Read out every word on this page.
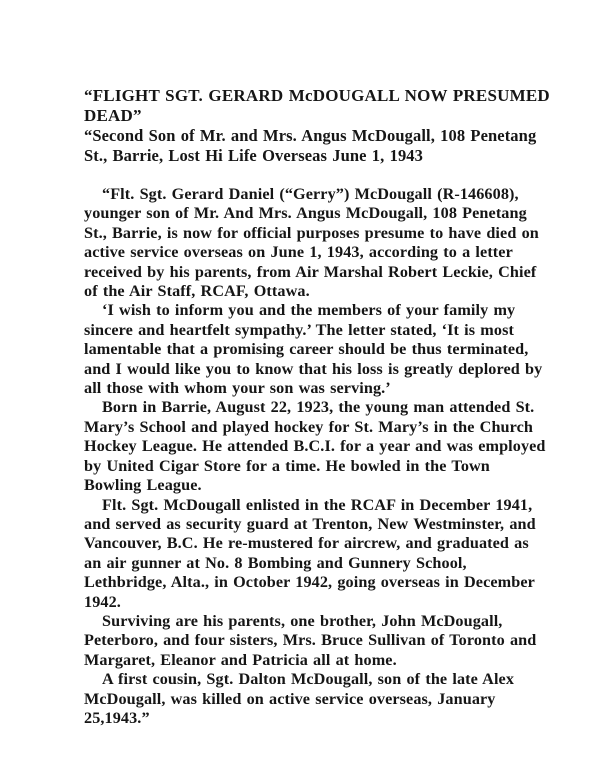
“FLIGHT SGT. GERARD McDOUGALL NOW PRESUMED DEAD”
“Second Son of Mr. and Mrs. Angus McDougall, 108 Penetang St., Barrie, Lost Hi Life Overseas June 1, 1943

“Flt. Sgt. Gerard Daniel (“Gerry”) McDougall (R-146608), younger son of Mr. And Mrs. Angus McDougall, 108 Penetang St., Barrie, is now for official purposes presume to have died on active service overseas on June 1, 1943, according to a letter received by his parents, from Air Marshal Robert Leckie, Chief of the Air Staff, RCAF, Ottawa.

‘I wish to inform you and the members of your family my sincere and heartfelt sympathy.’ The letter stated, ‘It is most lamentable that a promising career should be thus terminated, and I would like you to know that his loss is greatly deplored by all those with whom your son was serving.’

Born in Barrie, August 22, 1923, the young man attended St. Mary’s School and played hockey for St. Mary’s in the Church Hockey League. He attended B.C.I. for a year and was employed by United Cigar Store for a time. He bowled in the Town Bowling League.

Flt. Sgt. McDougall enlisted in the RCAF in December 1941, and served as security guard at Trenton, New Westminster, and Vancouver, B.C. He re-mustered for aircrew, and graduated as an air gunner at No. 8 Bombing and Gunnery School, Lethbridge, Alta., in October 1942, going overseas in December 1942.

Surviving are his parents, one brother, John McDougall, Peterboro, and four sisters, Mrs. Bruce Sullivan of Toronto and Margaret, Eleanor and Patricia all at home.

A first cousin, Sgt. Dalton McDougall, son of the late Alex McDougall, was killed on active service overseas, January 25,1943.”
